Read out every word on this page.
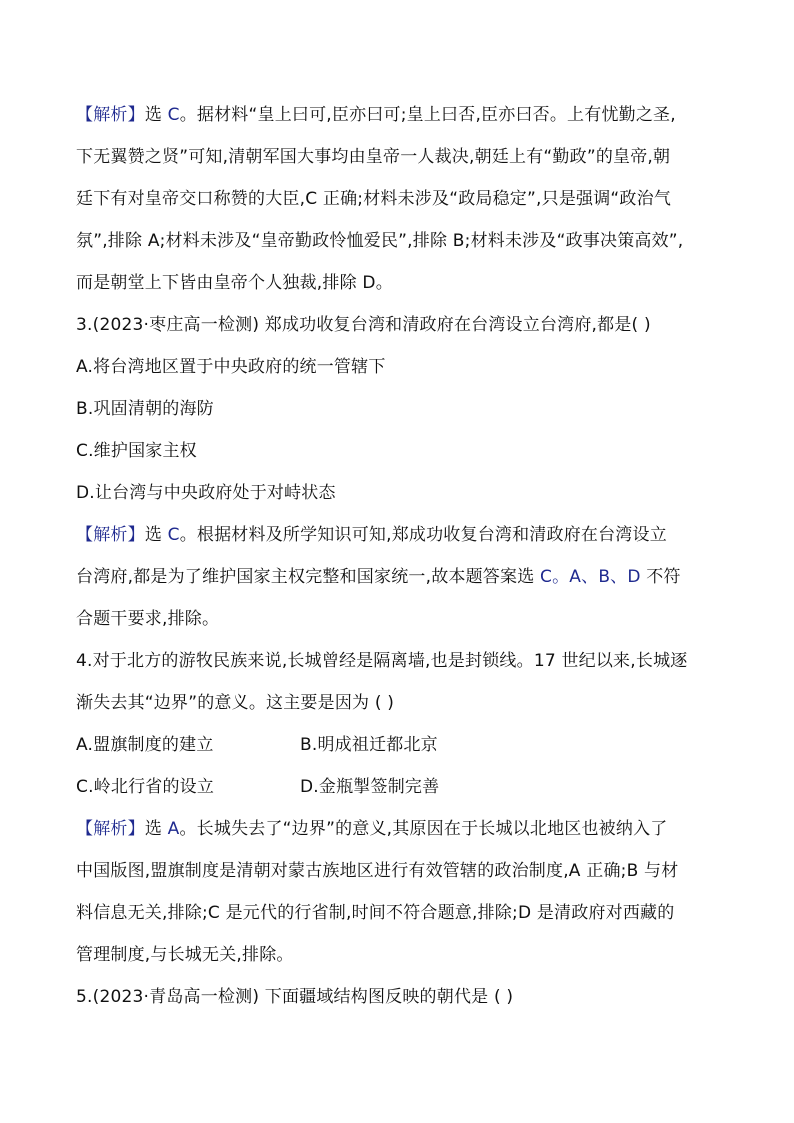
【解析】选 C。据材料“皇上曰可,臣亦曰可;皇上曰否,臣亦曰否。上有忧勤之圣,
下无翼赞之贤”可知,清朝军国大事均由皇帝一人裁决,朝廷上有“勤政”的皇帝,朝
廷下有对皇帝交口称赞的大臣,C 正确;材料未涉及“政局稳定”,只是强调“政治气
氛”,排除 A;材料未涉及“皇帝勤政怜恤爱民”,排除 B;材料未涉及“政事决策高效”,
而是朝堂上下皆由皇帝个人独裁,排除 D。
3.(2023·枣庄高一检测) 郑成功收复台湾和清政府在台湾设立台湾府,都是( )
A.将台湾地区置于中央政府的统一管辖下
B.巩固清朝的海防
C.维护国家主权
D.让台湾与中央政府处于对峙状态
【解析】选 C。根据材料及所学知识可知,郑成功收复台湾和清政府在台湾设立
台湾府,都是为了维护国家主权完整和国家统一,故本题答案选 C。A、B、D 不符
合题干要求,排除。
4.对于北方的游牧民族来说,长城曾经是隔离墙,也是封锁线。17 世纪以来,长城逐
渐失去其“边界”的意义。这主要是因为 ( )
A.盟旗制度的建立	B.明成祖迁都北京
C.岭北行省的设立	D.金瓶掣签制完善
【解析】选 A。长城失去了“边界”的意义,其原因在于长城以北地区也被纳入了
中国版图,盟旗制度是清朝对蒙古族地区进行有效管辖的政治制度,A 正确;B 与材
料信息无关,排除;C 是元代的行省制,时间不符合题意,排除;D 是清政府对西藏的
管理制度,与长城无关,排除。
5.(2023·青岛高一检测) 下面疆域结构图反映的朝代是 ( )
